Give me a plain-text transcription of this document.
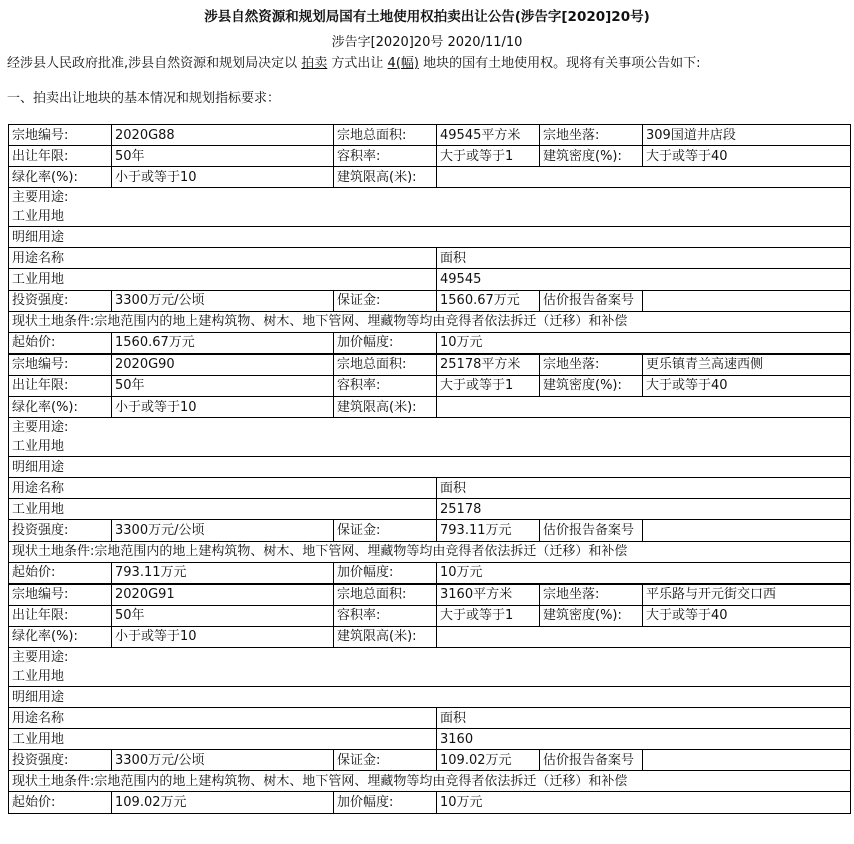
涉县自然资源和规划局国有土地使用权拍卖出让公告(涉告字[2020]20号)
涉告字[2020]20号 2020/11/10
经涉县人民政府批准,涉县自然资源和规划局决定以 拍卖 方式出让 4(幅) 地块的国有土地使用权。现将有关事项公告如下:
一、拍卖出让地块的基本情况和规划指标要求：
宗地编号:	2020G88	宗地总面积:	49545平方米	宗地坐落:	309国道井店段
出让年限:	50年	容积率:	大于或等于1	建筑密度(%):	大于或等于40
绿化率(%):	小于或等于10	建筑限高(米):			
主要用途:					
工业用地					
明细用途					
用途名称			面积		
工业用地			49545		
投资强度:	3300万元/公顷	保证金:	1560.67万元	估价报告备案号	
现状土地条件:宗地范围内的地上建构筑物、树木、地下管网、埋藏物等均由竞得者依法拆迁（迁移）和补偿					
起始价:	1560.67万元	加价幅度:	10万元		
宗地编号:	2020G90	宗地总面积:	25178平方米	宗地坐落:	更乐镇青兰高速西侧
出让年限:	50年	容积率:	大于或等于1	建筑密度(%):	大于或等于40
绿化率(%):	小于或等于10	建筑限高(米):			
主要用途:					
工业用地					
明细用途					
用途名称			面积		
工业用地			25178		
投资强度:	3300万元/公顷	保证金:	793.11万元	估价报告备案号	
现状土地条件:宗地范围内的地上建构筑物、树木、地下管网、埋藏物等均由竞得者依法拆迁（迁移）和补偿					
起始价:	793.11万元	加价幅度:	10万元		
宗地编号:	2020G91	宗地总面积:	3160平方米	宗地坐落:	平乐路与开元街交口西
出让年限:	50年	容积率:	大于或等于1	建筑密度(%):	大于或等于40
绿化率(%):	小于或等于10	建筑限高(米):			
主要用途:					
工业用地					
明细用途					
用途名称			面积		
工业用地			3160		
投资强度:	3300万元/公顷	保证金:	109.02万元	估价报告备案号	
现状土地条件:宗地范围内的地上建构筑物、树木、地下管网、埋藏物等均由竞得者依法拆迁（迁移）和补偿					
起始价:	109.02万元	加价幅度:	10万元		
